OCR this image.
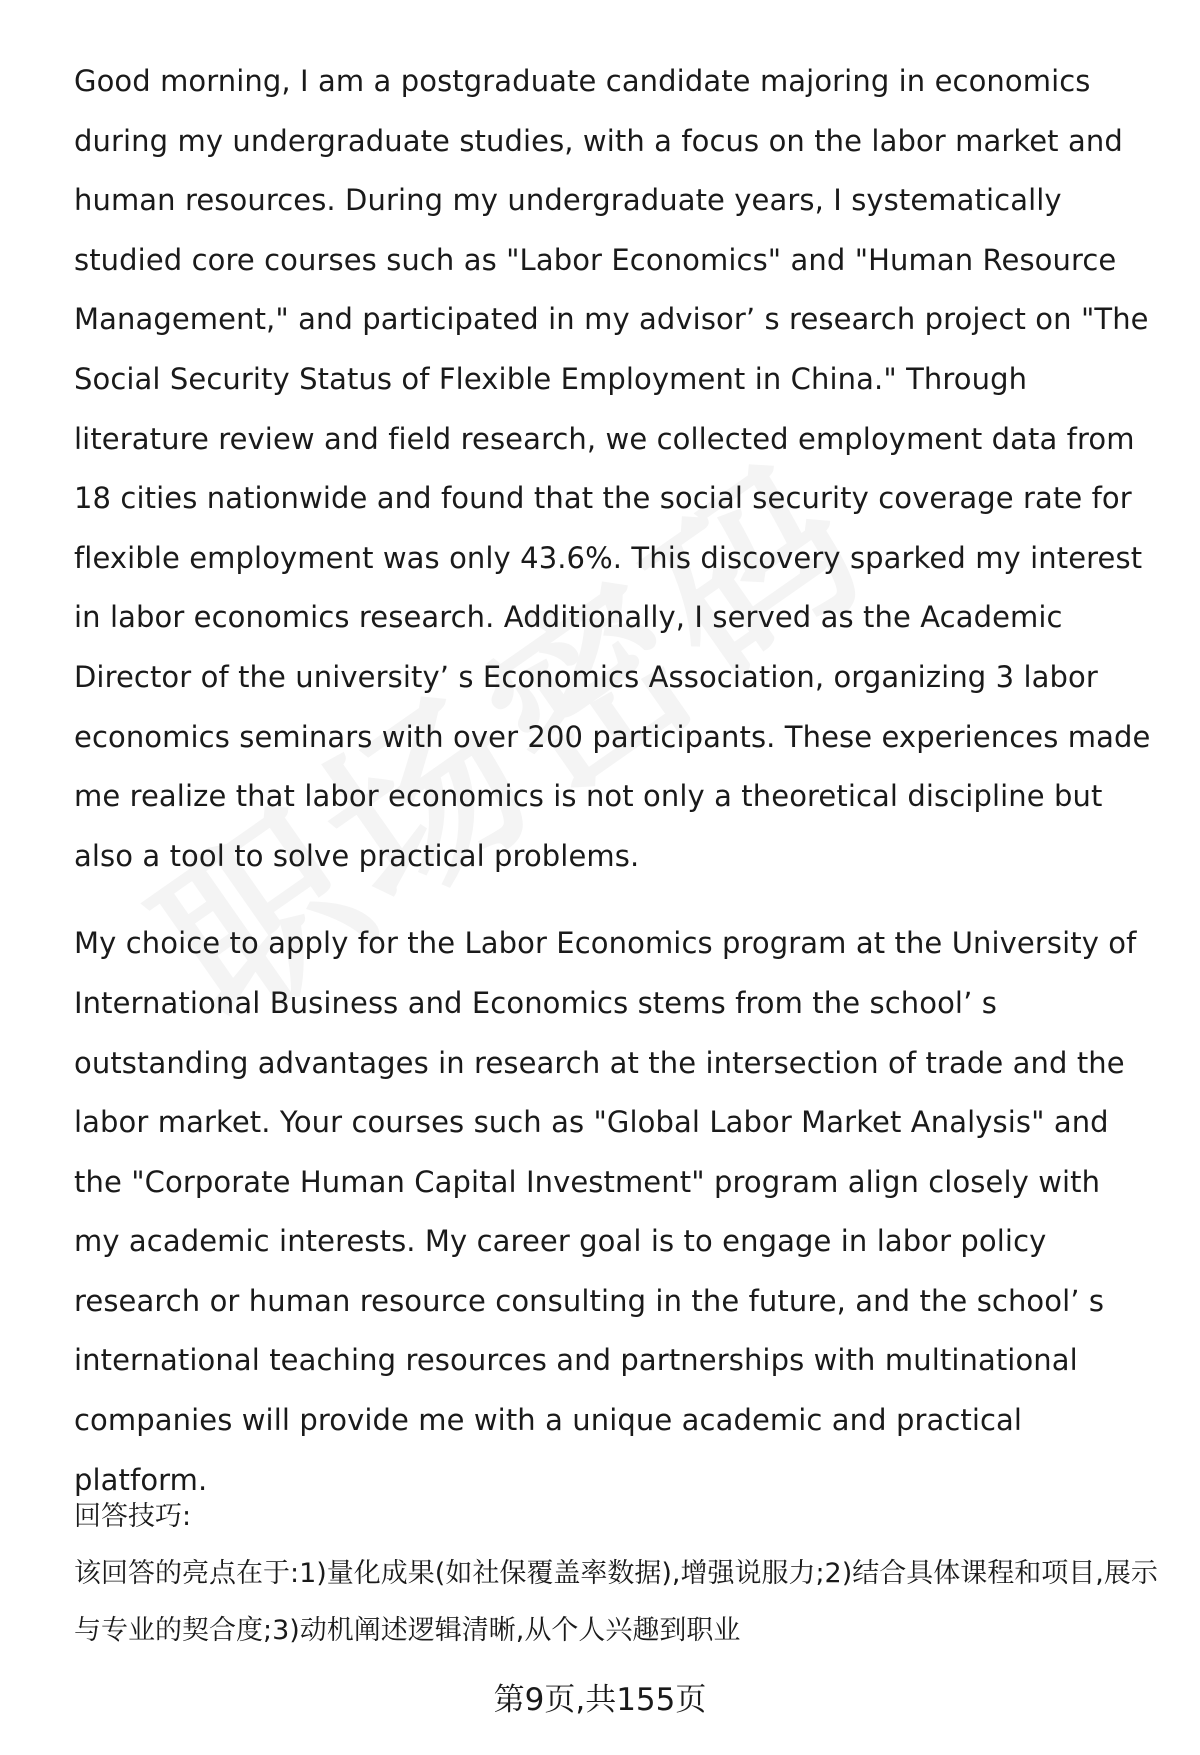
Good morning, I am a postgraduate candidate majoring in economics during my undergraduate studies, with a focus on the labor market and human resources. During my undergraduate years, I systematically studied core courses such as "Labor Economics" and "Human Resource Management," and participated in my advisor’ s research project on "The Social Security Status of Flexible Employment in China." Through literature review and field research, we collected employment data from 18 cities nationwide and found that the social security coverage rate for flexible employment was only 43.6%. This discovery sparked my interest in labor economics research. Additionally, I served as the Academic Director of the university’ s Economics Association, organizing 3 labor economics seminars with over 200 participants. These experiences made me realize that labor economics is not only a theoretical discipline but also a tool to solve practical problems.

My choice to apply for the Labor Economics program at the University of International Business and Economics stems from the school’ s outstanding advantages in research at the intersection of trade and the labor market. Your courses such as "Global Labor Market Analysis" and the "Corporate Human Capital Investment" program align closely with my academic interests. My career goal is to engage in labor policy research or human resource consulting in the future, and the school’ s international teaching resources and partnerships with multinational companies will provide me with a unique academic and practical platform.

回答技巧:

该回答的亮点在于:1)量化成果(如社保覆盖率数据),增强说服力;2)结合具体课程和项目,展示与专业的契合度;3)动机阐述逻辑清晰,从个人兴趣到职业

第9页,共155页
